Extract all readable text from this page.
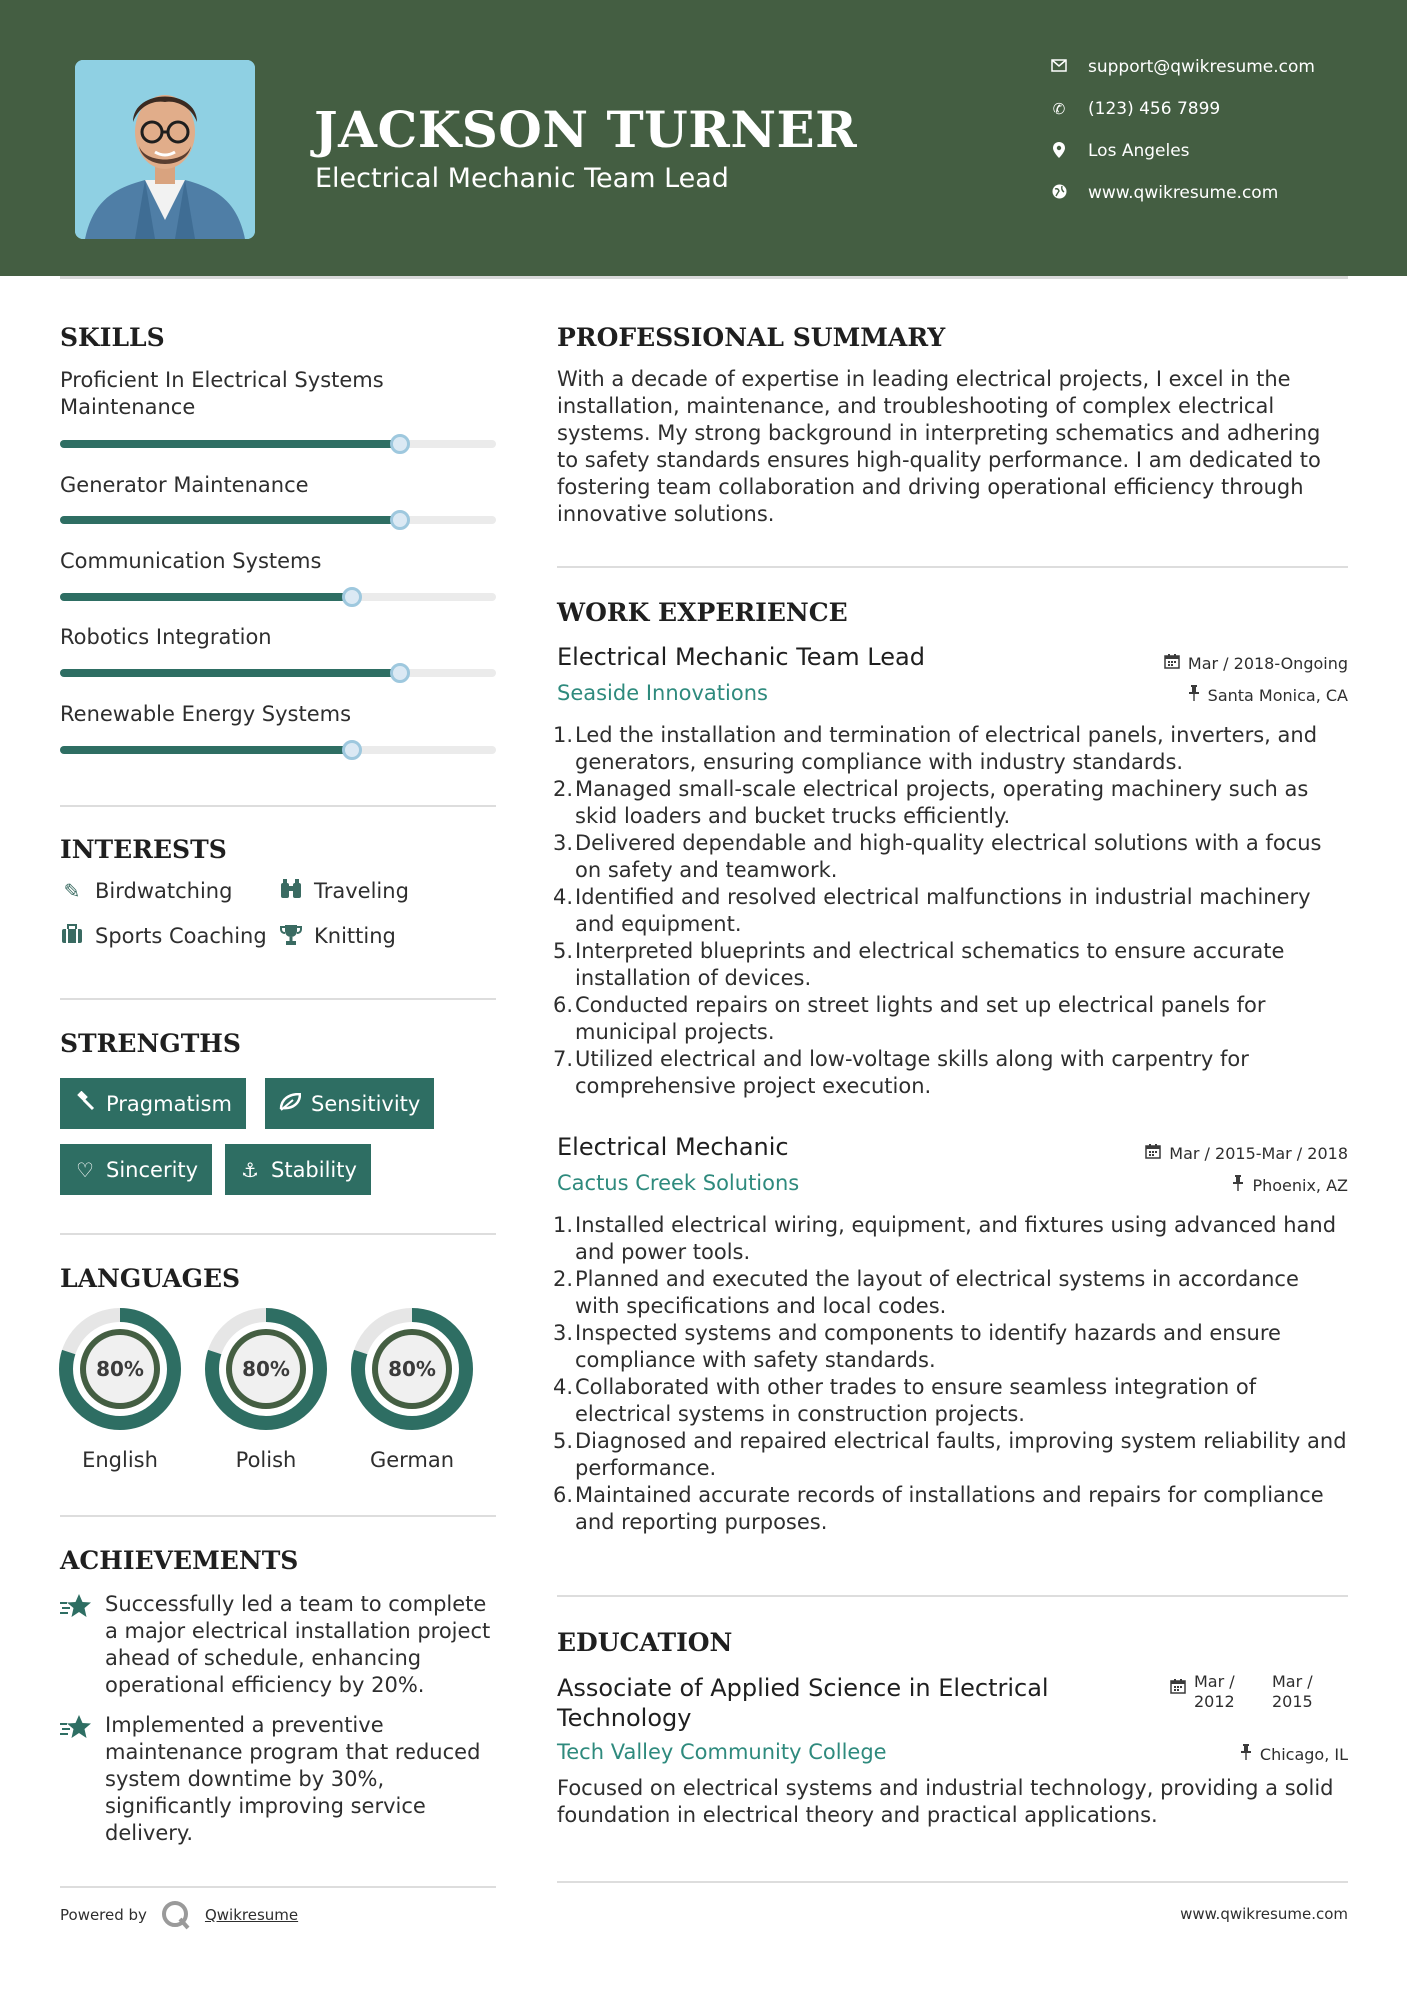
JACKSON TURNER
Electrical Mechanic Team Lead
support@qwikresume.com
✆ (123) 456 7899
Los Angeles
www.qwikresume.com
SKILLS
Proficient In Electrical Systems Maintenance
Generator Maintenance
Communication Systems
Robotics Integration
Renewable Energy Systems
INTERESTS
✎ Birdwatching	Traveling
Sports Coaching Knitting
STRENGTHS
Pragmatism	Sensitivity
♡ Sincerity ⚓ Stability
LANGUAGES
80%
English
80%
Polish
80%
German
ACHIEVEMENTS
Successfully led a team to complete a major electrical installation project ahead of schedule, enhancing operational efficiency by 20%.
Implemented a preventive maintenance program that reduced system downtime by 30%, significantly improving service delivery.
Powered by	Qwikresume	www.qwikresume.com
PROFESSIONAL SUMMARY
With a decade of expertise in leading electrical projects, I excel in the installation, maintenance, and troubleshooting of complex electrical systems. My strong background in interpreting schematics and adhering to safety standards ensures high-quality performance. I am dedicated to fostering team collaboration and driving operational efficiency through innovative solutions.
WORK EXPERIENCE
Electrical Mechanic Team Lead	Mar / 2018-Ongoing
Seaside Innovations	Santa Monica, CA
1. Led the installation and termination of electrical panels, inverters, and generators, ensuring compliance with industry standards.
2. Managed small-scale electrical projects, operating machinery such as skid loaders and bucket trucks efficiently.
3. Delivered dependable and high-quality electrical solutions with a focus on safety and teamwork.
4. Identified and resolved electrical malfunctions in industrial machinery and equipment.
5. Interpreted blueprints and electrical schematics to ensure accurate installation of devices.
6. Conducted repairs on street lights and set up electrical panels for municipal projects.
7. Utilized electrical and low-voltage skills along with carpentry for comprehensive project execution.
Electrical Mechanic	Mar / 2015-Mar / 2018
Cactus Creek Solutions	Phoenix, AZ
1. Installed electrical wiring, equipment, and fixtures using advanced hand and power tools.
2. Planned and executed the layout of electrical systems in accordance with specifications and local codes.
3. Inspected systems and components to identify hazards and ensure compliance with safety standards.
4. Collaborated with other trades to ensure seamless integration of electrical systems in construction projects.
5. Diagnosed and repaired electrical faults, improving system reliability and performance.
6. Maintained accurate records of installations and repairs for compliance and reporting purposes.
EDUCATION
Associate of Applied Science in Electrical Technology
Mar / 2012
Mar / 2015
Tech Valley Community College	Chicago, IL
Focused on electrical systems and industrial technology, providing a solid foundation in electrical theory and practical applications.
